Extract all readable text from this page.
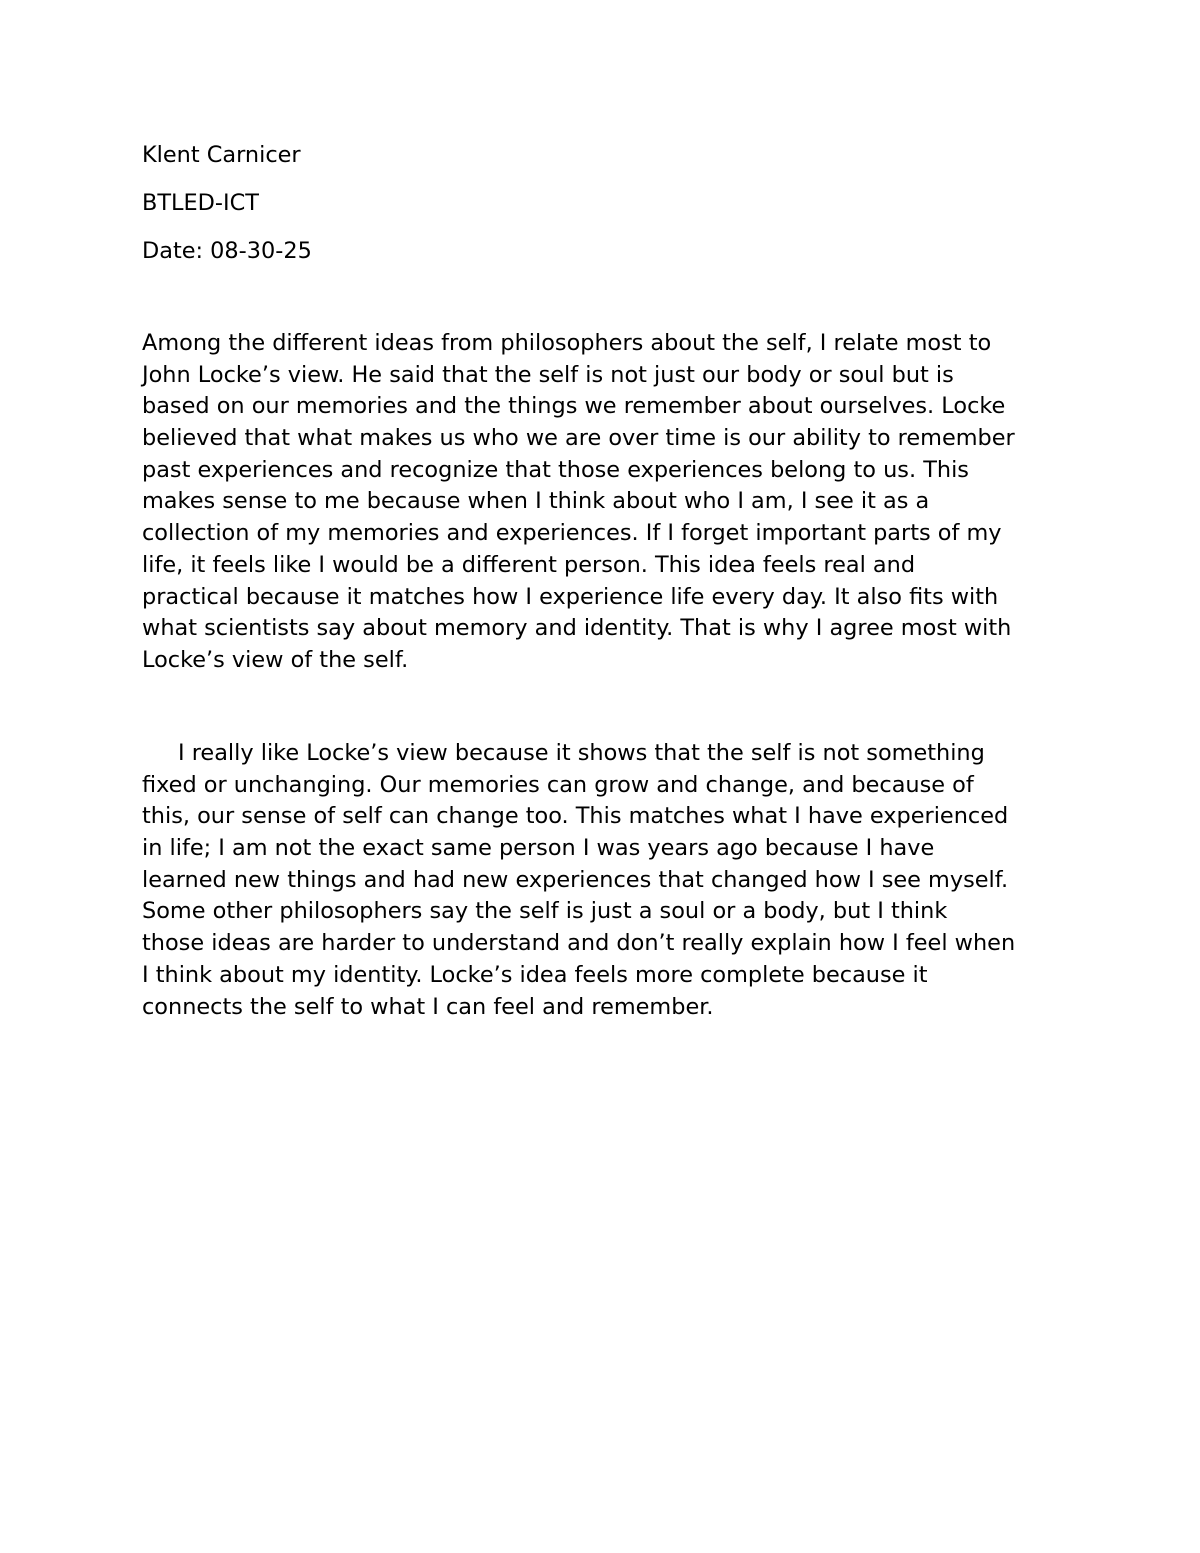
Klent Carnicer

BTLED-ICT

Date: 08-30-25

Among the different ideas from philosophers about the self, I relate most to
John Locke’s view. He said that the self is not just our body or soul but is
based on our memories and the things we remember about ourselves. Locke
believed that what makes us who we are over time is our ability to remember
past experiences and recognize that those experiences belong to us. This
makes sense to me because when I think about who I am, I see it as a
collection of my memories and experiences. If I forget important parts of my
life, it feels like I would be a different person. This idea feels real and
practical because it matches how I experience life every day. It also fits with
what scientists say about memory and identity. That is why I agree most with
Locke’s view of the self.

I really like Locke’s view because it shows that the self is not something
fixed or unchanging. Our memories can grow and change, and because of
this, our sense of self can change too. This matches what I have experienced
in life; I am not the exact same person I was years ago because I have
learned new things and had new experiences that changed how I see myself.
Some other philosophers say the self is just a soul or a body, but I think
those ideas are harder to understand and don’t really explain how I feel when
I think about my identity. Locke’s idea feels more complete because it
connects the self to what I can feel and remember.
